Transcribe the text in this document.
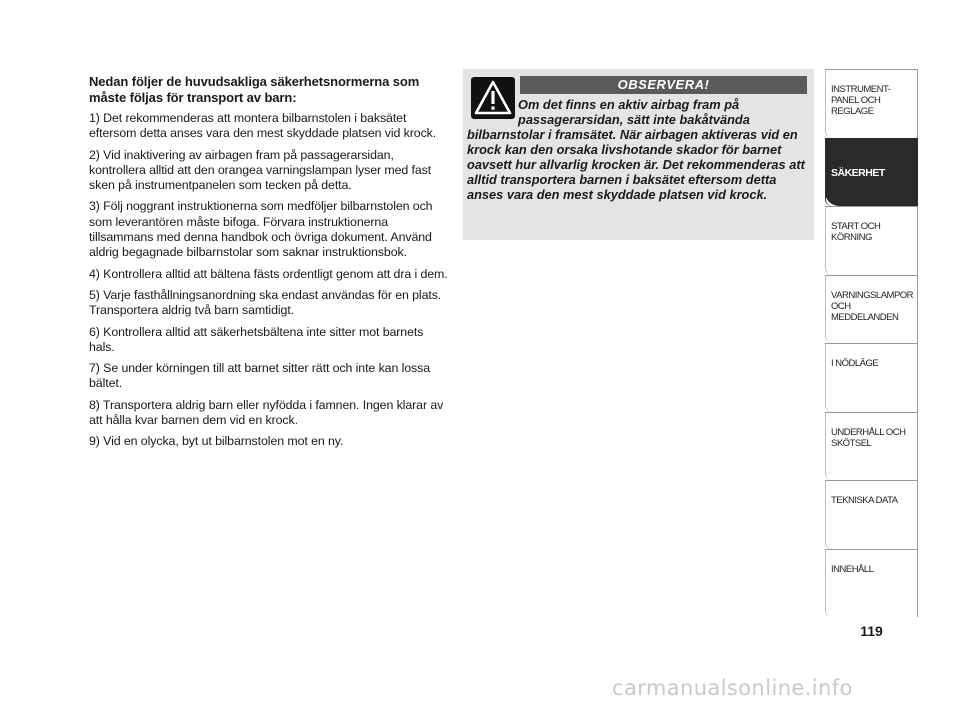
Nedan följer de huvudsakliga säkerhetsnormerna som måste följas för transport av barn:

1) Det rekommenderas att montera bilbarnstolen i baksätet eftersom detta anses vara den mest skyddade platsen vid krock.

2) Vid inaktivering av airbagen fram på passagerarsidan, kontrollera alltid att den orangea varningslampan lyser med fast sken på instrumentpanelen som tecken på detta.

3) Följ noggrant instruktionerna som medföljer bilbarnstolen och som leverantören måste bifoga. Förvara instruktionerna tillsammans med denna handbok och övriga dokument. Använd aldrig begagnade bilbarnstolar som saknar instruktionsbok.

4) Kontrollera alltid att bältena fästs ordentligt genom att dra i dem.

5) Varje fasthållningsanordning ska endast användas för en plats. Transportera aldrig två barn samtidigt.

6) Kontrollera alltid att säkerhetsbältena inte sitter mot barnets hals.

7) Se under körningen till att barnet sitter rätt och inte kan lossa bältet.

8) Transportera aldrig barn eller nyfödda i famnen. Ingen klarar av att hålla kvar barnen dem vid en krock.

9) Vid en olycka, byt ut bilbarnstolen mot en ny.

OBSERVERA!
Om det finns en aktiv airbag fram på passagerarsidan, sätt inte bakåtvända bilbarnstolar i framsätet. När airbagen aktiveras vid en krock kan den orsaka livshotande skador för barnet oavsett hur allvarlig krocken är. Det rekommenderas att alltid transportera barnen i baksätet eftersom detta anses vara den mest skyddade platsen vid krock.
INSTRUMENT- PANEL OCH REGLAGE
SÄKERHET
START OCH KÖRNING
VARNINGSLAMPOR OCH MEDDELANDEN
I NÖDLÄGE
UNDERHÅLL OCH SKÖTSEL
TEKNISKA DATA
INNEHÅLL
119
carmanualsonline.info
